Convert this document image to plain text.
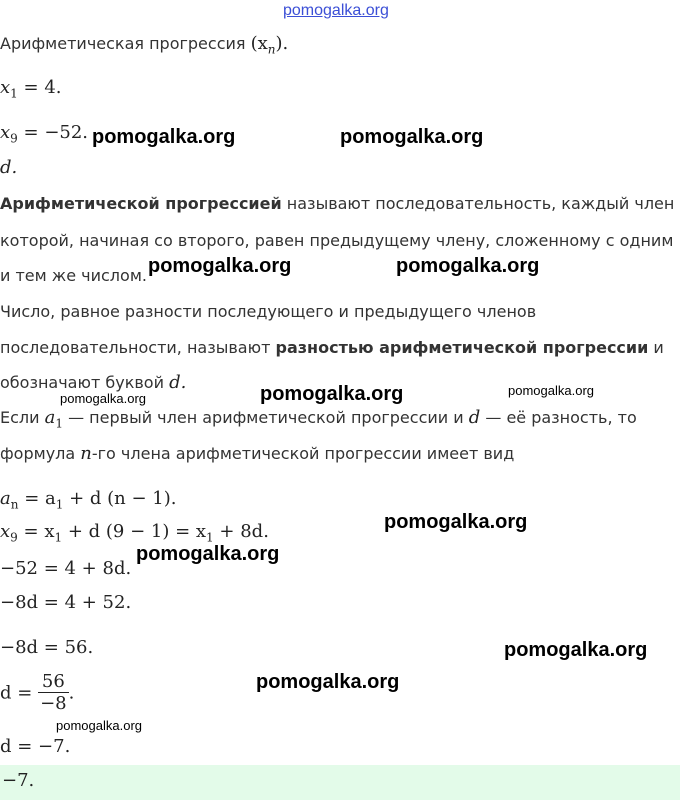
pomogalka.org
Арифметическая прогрессия $(x_n)$.
$x_1 = 4$.
$x_9 = -52$.
d.
Арифметической прогрессией называют последовательность, каждый член
которой, начиная со второго, равен предыдущему члену, сложенному с одним
и тем же числом.
Число, равное разности последующего и предыдущего членов
последовательности, называют разностью арифметической прогрессии и
обозначают буквой d.
Если $a_1$ — первый член арифметической прогрессии и d — её разность, то
формула n-го члена арифметической прогрессии имеет вид
$a_n = a_1 + d$ (n − 1).
$x_9 = x_1 + d$ $(9 - 1) = x_1 + 8d$.
−52 = 4 + 8d.
−8d = 4 + 52.
−8d = 56.
$d = \frac{56}{-8}$ .
d = −7.
−7.
pomogalka.org	pomogalka.org
pomogalka.org	pomogalka.org
pomogalka.org	pomogalka.org	pomogalka.org
pomogalka.org
pomogalka.org
pomogalka.org
pomogalka.org
pomogalka.org
